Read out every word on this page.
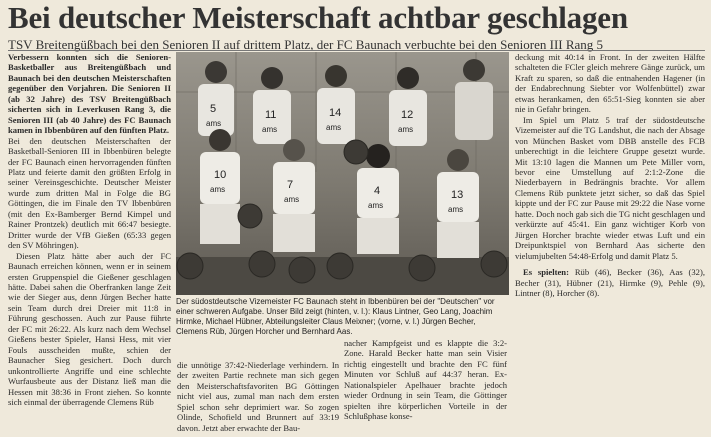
Bei deutscher Meisterschaft achtbar geschlagen
TSV Breitengüßbach bei den Senioren II auf drittem Platz, der FC Baunach verbuchte bei den Senioren III Rang 5

Verbessern konnten sich die Senioren-Basketballer aus Breitengüßbach und Baunach bei den deutschen Meisterschaften gegenüber den Vorjahren. Die Senioren II (ab 32 Jahre) des TSV Breitengüßbach sicherten sich in Leverkusen Rang 3, die Senioren III (ab 40 Jahre) des FC Baunach kamen in Ibbenbüren auf den fünften Platz.

Bei den deutschen Meisterschaften der Basketball-Senioren III in Ibbenbüren belegte der FC Baunach einen hervorragenden fünften Platz und feierte damit den größten Erfolg in seiner Vereinsgeschichte. Deutscher Meister wurde zum dritten Mal in Folge die BG Göttingen, die im Finale den TV Ibbenbüren (mit den Ex-Bamberger Bernd Kimpel und Rainer Prontzek) deutlich mit 66:47 besiegte. Dritter wurde der VfB Gießen (65:33 gegen den SV Möhringen).

Diesen Platz hätte aber auch der FC Baunach erreichen können, wenn er in seinem ersten Gruppenspiel die Gießener geschlagen hätte. Dabei sahen die Oberfranken lange Zeit wie der Sieger aus, denn Jürgen Becher hatte sein Team durch drei Dreier mit 11:8 in Führung geschossen. Auch zur Pause führte der FC mit 26:22. Als kurz nach dem Wechsel Gießens bester Spieler, Hansi Hess, mit vier Fouls ausscheiden mußte, schien der Baunacher Sieg gesichert. Doch durch unkontrollierte Angriffe und eine schlechte Wurfausbeute aus der Distanz ließ man die Hessen mit 38:36 in Front ziehen. So konnte sich einmal der überragende Clemens Rüb

5
ams
11
ams
14
ams
12
ams
10
ams	7
ams
4
ams
13
ams
Der südostdeutsche Vizemeister FC Baunach steht in Ibbenbüren bei der "Deutschen" vor einer schweren Aufgabe. Unser Bild zeigt (hinten, v. l.): Klaus Lintner, Geo Lang, Joachim Hirmke, Michael Hübner, Abteilungsleiter Claus Meixner; (vorne, v. l.) Jürgen Becher, Clemens Rüb, Jürgen Horcher und Bernhard Aas.

die unnötige 37:42-Niederlage verhindern. In der zweiten Partie rechnete man sich gegen den Meisterschaftsfavoriten BG Göttingen nicht viel aus, zumal man nach dem ersten Spiel schon sehr deprimiert war. So zogen Olinde, Schofield und Brunnert auf 33:19 davon. Jetzt aber erwachte der Bau-

nacher Kampfgeist und es klappte die 3:2-Zone. Harald Becker hatte man sein Visier richtig eingestellt und brachte den FC fünf Minuten vor Schluß auf 44:37 heran. Ex-Nationalspieler Apelhauer brachte jedoch wieder Ordnung in sein Team, die Göttinger spielten ihre körperlichen Vorteile in der Schlußphase konse-

deckung mit 40:14 in Front. In der zweiten Hälfte schalteten die FCler gleich mehrere Gänge zurück, um Kraft zu sparen, so daß die entnahenden Hagener (in der Endabrechnung Siebter vor Wolfenbüttel) zwar etwas herankamen, den 65:51-Sieg konnten sie aber nie in Gefahr bringen.

Im Spiel um Platz 5 traf der südostdeutsche Vizemeister auf die TG Landshut, die nach der Absage von München Basket vom DBB anstelle des FCB unberechtigt in die leichtere Gruppe gesetzt wurde. Mit 13:10 lagen die Mannen um Pete Miller vorn, bevor eine Umstellung auf 2:1:2-Zone die Niederbayern in Bedrängnis brachte. Vor allem Clemens Rüb punktete jetzt sicher, so daß das Spiel kippte und der FC zur Pause mit 29:22 die Nase vorne hatte. Doch noch gab sich die TG nicht geschlagen und verkürzte auf 45:41. Ein ganz wichtiger Korb von Jürgen Horcher brachte wieder etwas Luft und ein Dreipunktspiel von Bernhard Aas sicherte den vielumjubelten 54:48-Erfolg und damit Platz 5.

Es spielten: Rüb (46), Becker (36), Aas (32), Becher (31), Hübner (21), Hirmke (9), Pehle (9), Lintner (8), Horcher (8).
